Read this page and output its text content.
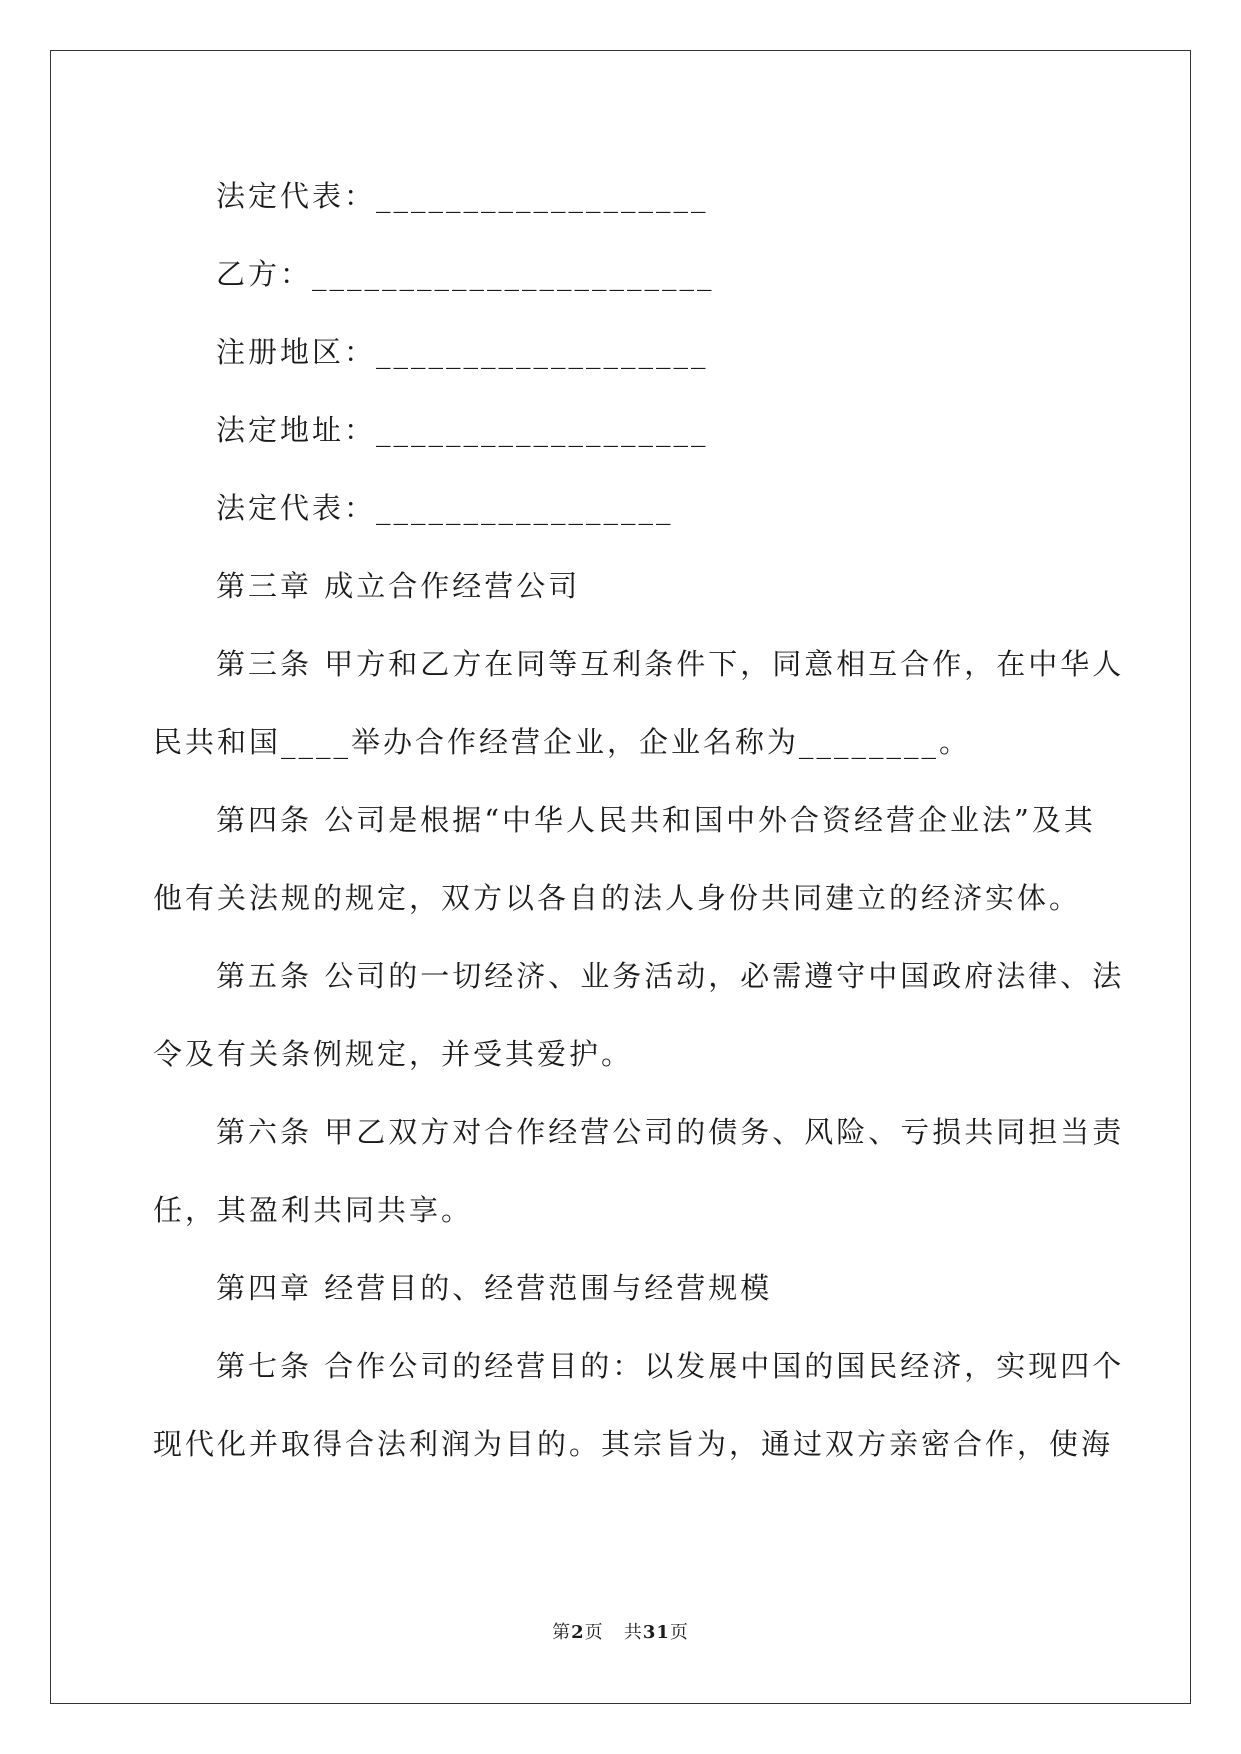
法定代表：___________________
乙方：_______________________
注册地区：___________________
法定地址：___________________
法定代表：_________________
第三章 成立合作经营公司
第三条 甲方和乙方在同等互利条件下，同意相互合作，在中华人
民共和国____举办合作经营企业，企业名称为________。
第四条 公司是根据“中华人民共和国中外合资经营企业法”及其
他有关法规的规定，双方以各自的法人身份共同建立的经济实体。
第五条 公司的一切经济、业务活动，必需遵守中国政府法律、法
令及有关条例规定，并受其爱护。
第六条 甲乙双方对合作经营公司的债务、风险、亏损共同担当责
任，其盈利共同共享。
第四章 经营目的、经营范围与经营规模
第七条 合作公司的经营目的：以发展中国的国民经济，实现四个
现代化并取得合法利润为目的。其宗旨为，通过双方亲密合作，使海
第2页 共31页
